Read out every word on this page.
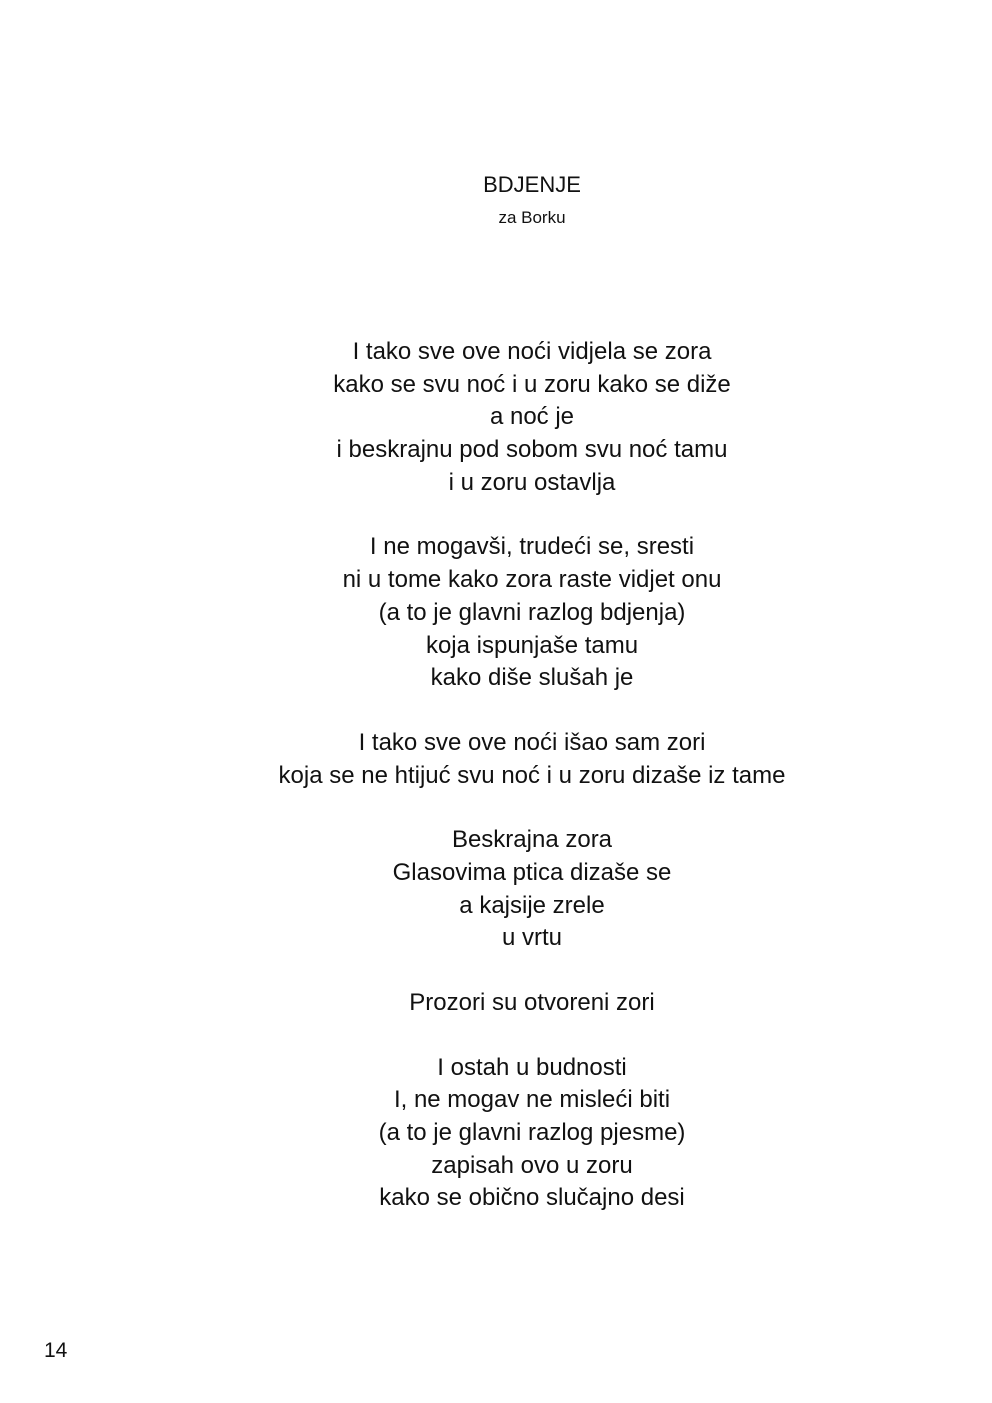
BDJENJE
za Borku
I tako sve ove noći vidjela se zora
kako se svu noć i u zoru kako se diže
a noć je
i beskrajnu pod sobom svu noć tamu
i u zoru ostavlja
I ne mogavši, trudeći se, sresti
ni u tome kako zora raste vidjet onu
(a to je glavni razlog bdjenja)
koja ispunjaše tamu
kako diše slušah je
I tako sve ove noći išao sam zori
koja se ne htijuć svu noć i u zoru dizaše iz tame
Beskrajna zora
Glasovima ptica dizaše se
a kajsije zrele
u vrtu
Prozori su otvoreni zori
I ostah u budnosti
I, ne mogav ne misleći biti
(a to je glavni razlog pjesme)
zapisah ovo u zoru
kako se obično slučajno desi
14
